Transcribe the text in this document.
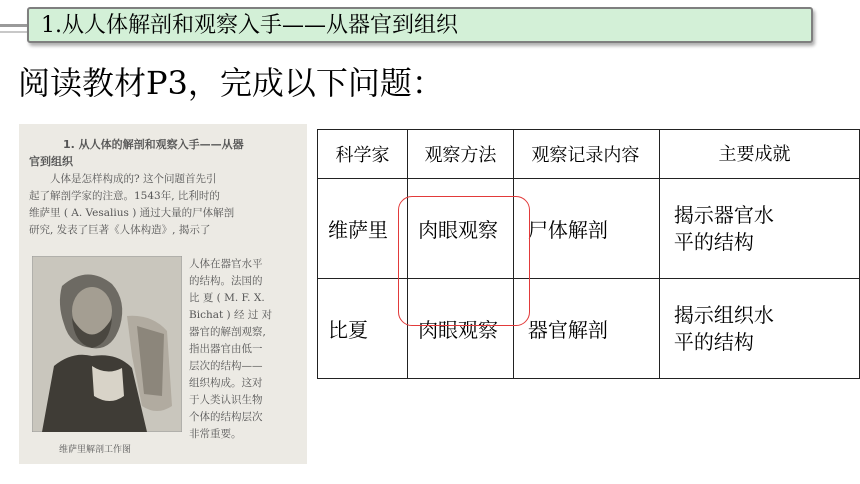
1.从人体解剖和观察入手——从器官到组织
阅读教材P3，完成以下问题：
1. 从人体的解剖和观察入手——从器
官到组织
人体是怎样构成的? 这个问题首先引
起了解剖学家的注意。1543年, 比利时的
维萨里 ( A. Vesalius ) 通过大量的尸体解剖
研究, 发表了巨著《人体构造》, 揭示了
人体在器官水平
的结构。法国的
比 夏 ( M. F. X.
Bichat ) 经 过 对
器官的解剖观察,
指出器官由低一
层次的结构——
组织构成。这对
于人类认识生物
个体的结构层次
非常重要。
维萨里解剖工作图
科学家	观察方法	观察记录内容	主要成就
维萨里	肉眼观察	尸体解剖	揭示器官水
平的结构

比夏	肉眼观察	器官解剖	揭示组织水
平的结构
